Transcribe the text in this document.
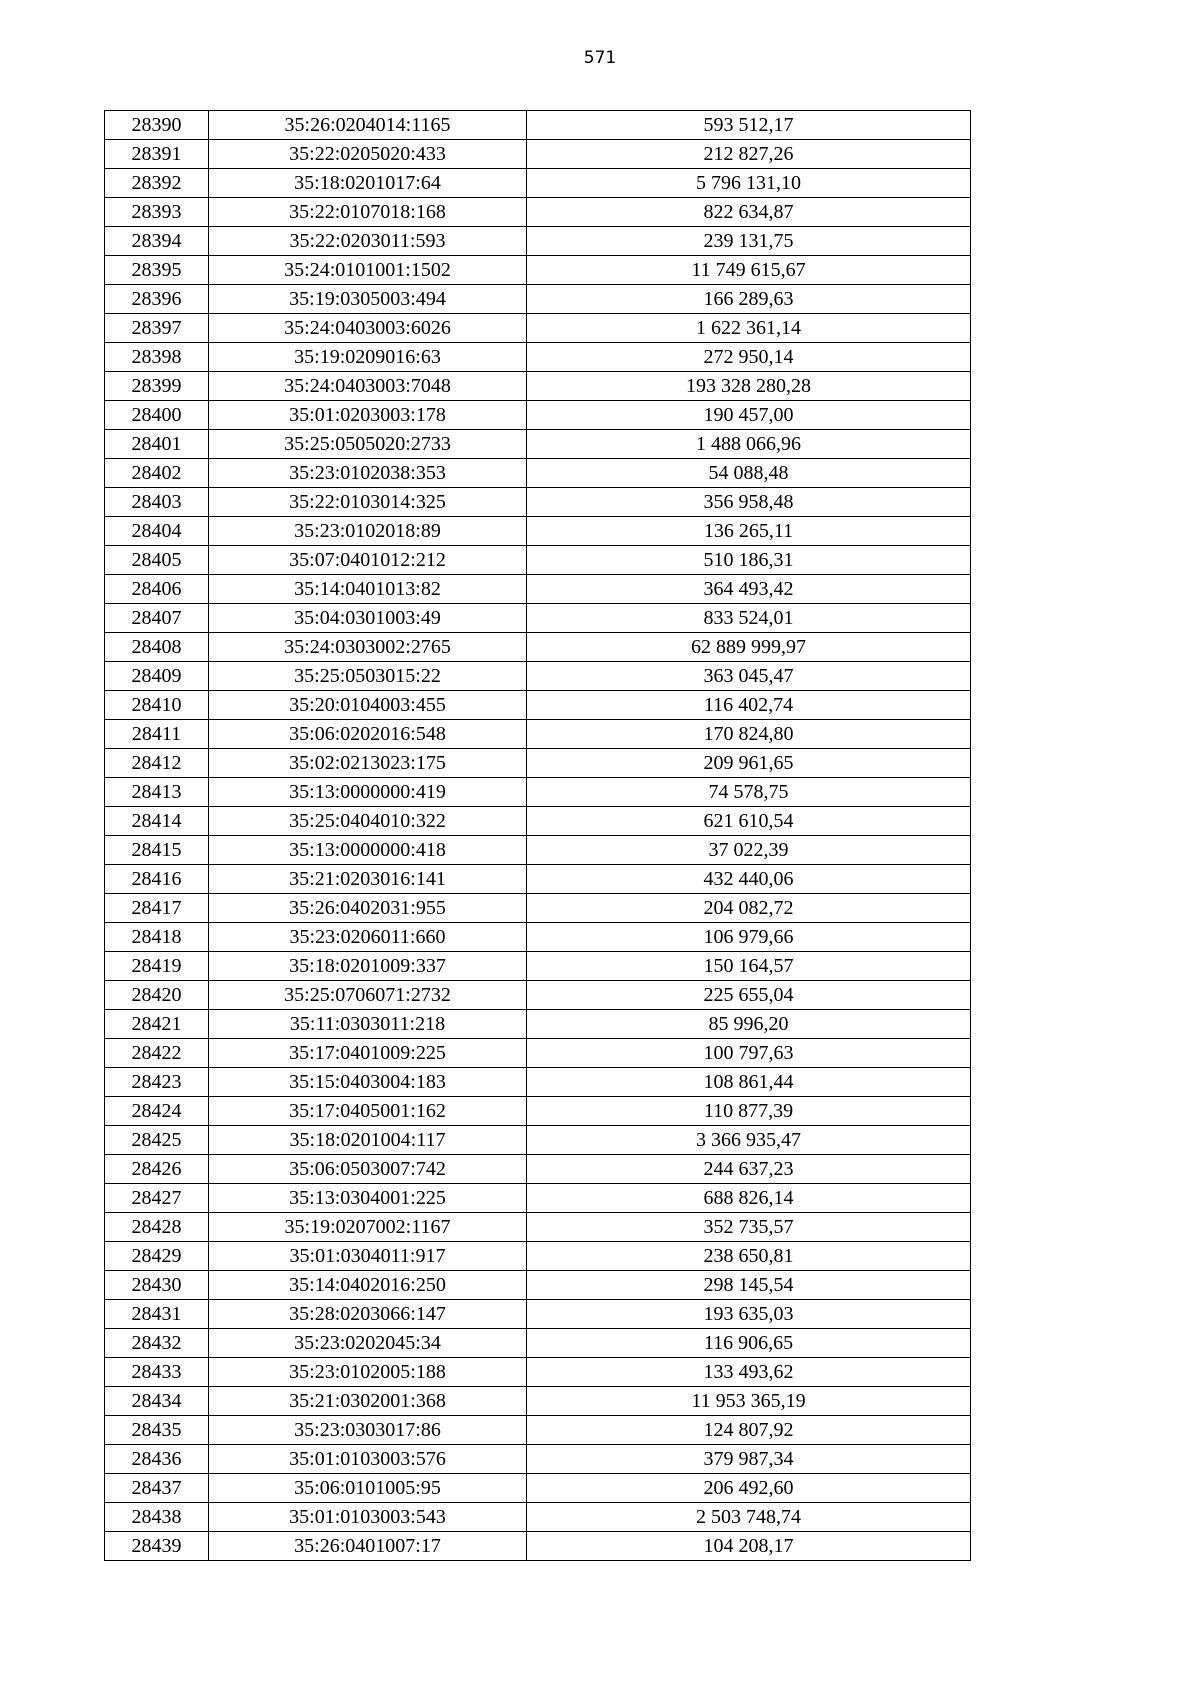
571
28390	35:26:0204014:1165	593 512,17
28391	35:22:0205020:433	212 827,26
28392	35:18:0201017:64	5 796 131,10
28393	35:22:0107018:168	822 634,87
28394	35:22:0203011:593	239 131,75
28395	35:24:0101001:1502	11 749 615,67
28396	35:19:0305003:494	166 289,63
28397	35:24:0403003:6026	1 622 361,14
28398	35:19:0209016:63	272 950,14
28399	35:24:0403003:7048	193 328 280,28
28400	35:01:0203003:178	190 457,00
28401	35:25:0505020:2733	1 488 066,96
28402	35:23:0102038:353	54 088,48
28403	35:22:0103014:325	356 958,48
28404	35:23:0102018:89	136 265,11
28405	35:07:0401012:212	510 186,31
28406	35:14:0401013:82	364 493,42
28407	35:04:0301003:49	833 524,01
28408	35:24:0303002:2765	62 889 999,97
28409	35:25:0503015:22	363 045,47
28410	35:20:0104003:455	116 402,74
28411	35:06:0202016:548	170 824,80
28412	35:02:0213023:175	209 961,65
28413	35:13:0000000:419	74 578,75
28414	35:25:0404010:322	621 610,54
28415	35:13:0000000:418	37 022,39
28416	35:21:0203016:141	432 440,06
28417	35:26:0402031:955	204 082,72
28418	35:23:0206011:660	106 979,66
28419	35:18:0201009:337	150 164,57
28420	35:25:0706071:2732	225 655,04
28421	35:11:0303011:218	85 996,20
28422	35:17:0401009:225	100 797,63
28423	35:15:0403004:183	108 861,44
28424	35:17:0405001:162	110 877,39
28425	35:18:0201004:117	3 366 935,47
28426	35:06:0503007:742	244 637,23
28427	35:13:0304001:225	688 826,14
28428	35:19:0207002:1167	352 735,57
28429	35:01:0304011:917	238 650,81
28430	35:14:0402016:250	298 145,54
28431	35:28:0203066:147	193 635,03
28432	35:23:0202045:34	116 906,65
28433	35:23:0102005:188	133 493,62
28434	35:21:0302001:368	11 953 365,19
28435	35:23:0303017:86	124 807,92
28436	35:01:0103003:576	379 987,34
28437	35:06:0101005:95	206 492,60
28438	35:01:0103003:543	2 503 748,74
28439	35:26:0401007:17	104 208,17
